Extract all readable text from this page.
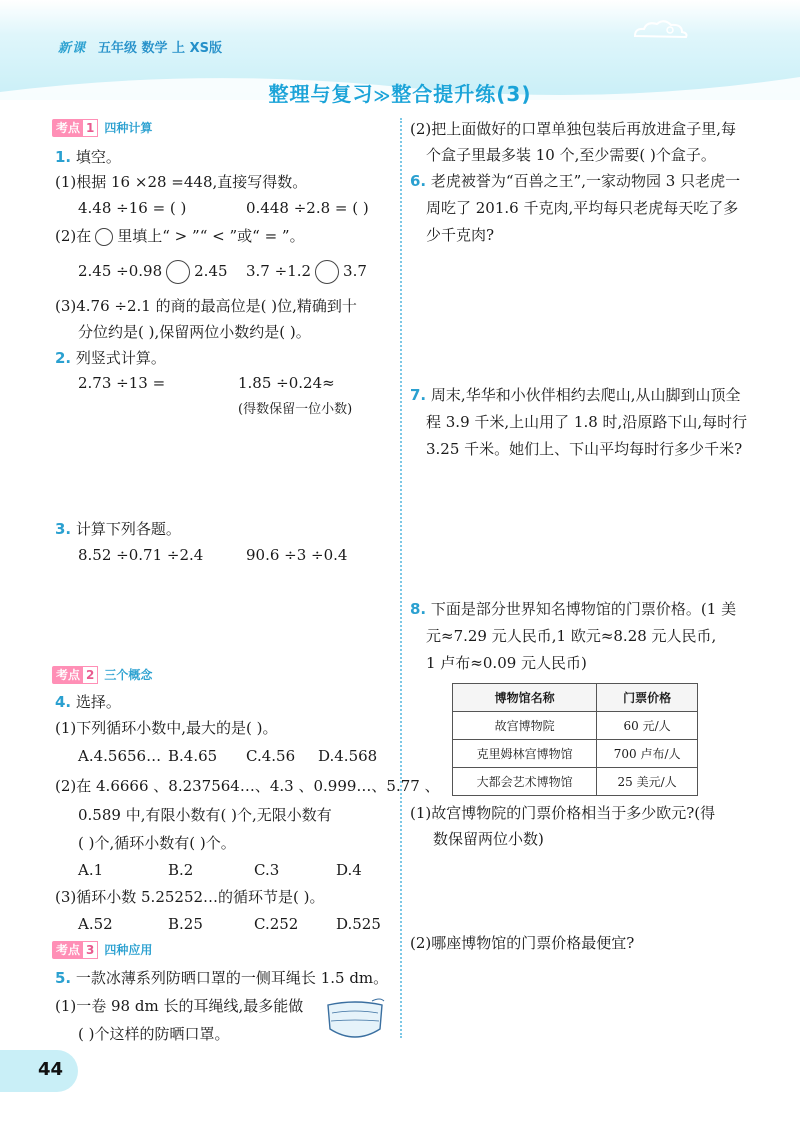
新课 五年级 数学 上 XS版
整理与复习≫整合提升练(3)
考点 1 四种计算
1. 填空。
(1)根据 16 ×28 =448,直接写得数。
4.48 ÷16 = ( )	0.448 ÷2.8 = ( )
(2)在 里填上“ > ”“ < ”或“ = ”。
2.45 ÷0.98 2.45 3.7 ÷1.2 3.7
(3)4.76 ÷2.1 的商的最高位是( )位,精确到十
分位约是( ),保留两位小数约是( )。
2. 列竖式计算。
2.73 ÷13 =	1.85 ÷0.24≈
(得数保留一位小数)
3. 计算下列各题。
8.52 ÷0.71 ÷2.4	90.6 ÷3 ÷0.4
考点 2 三个概念
4. 选择。
(1)下列循环小数中,最大的是( )。
A.4.5656… B.4.65 C.4.56 D.4.568
(2)在 4.6666 、8.237564…、4.3 、0.999…、5.77 、
0.589 中,有限小数有( )个,无限小数有
( )个,循环小数有( )个。
A.1	B.2	C.3	D.4
(3)循环小数 5.25252…的循环节是( )。
A.52	B.25	C.252	D.525
考点 3 四种应用
5. 一款冰薄系列防晒口罩的一侧耳绳长 1.5 dm。
(1)一卷 98 dm 长的耳绳线,最多能做
( )个这样的防晒口罩。
(2)把上面做好的口罩单独包装后再放进盒子里,每
个盒子里最多装 10 个,至少需要( )个盒子。
6. 老虎被誉为“百兽之王”,一家动物园 3 只老虎一
周吃了 201.6 千克肉,平均每只老虎每天吃了多
少千克肉?
7. 周末,华华和小伙伴相约去爬山,从山脚到山顶全
程 3.9 千米,上山用了 1.8 时,沿原路下山,每时行
3.25 千米。她们上、下山平均每时行多少千米?
8. 下面是部分世界知名博物馆的门票价格。(1 美
元≈7.29 元人民币,1 欧元≈8.28 元人民币,
1 卢布≈0.09 元人民币)
博物馆名称	门票价格
故宫博物院	60 元/人
克里姆林宫博物馆	700 卢布/人
大都会艺术博物馆	25 美元/人
(1)故宫博物院的门票价格相当于多少欧元?(得
数保留两位小数)
(2)哪座博物馆的门票价格最便宜?
44
